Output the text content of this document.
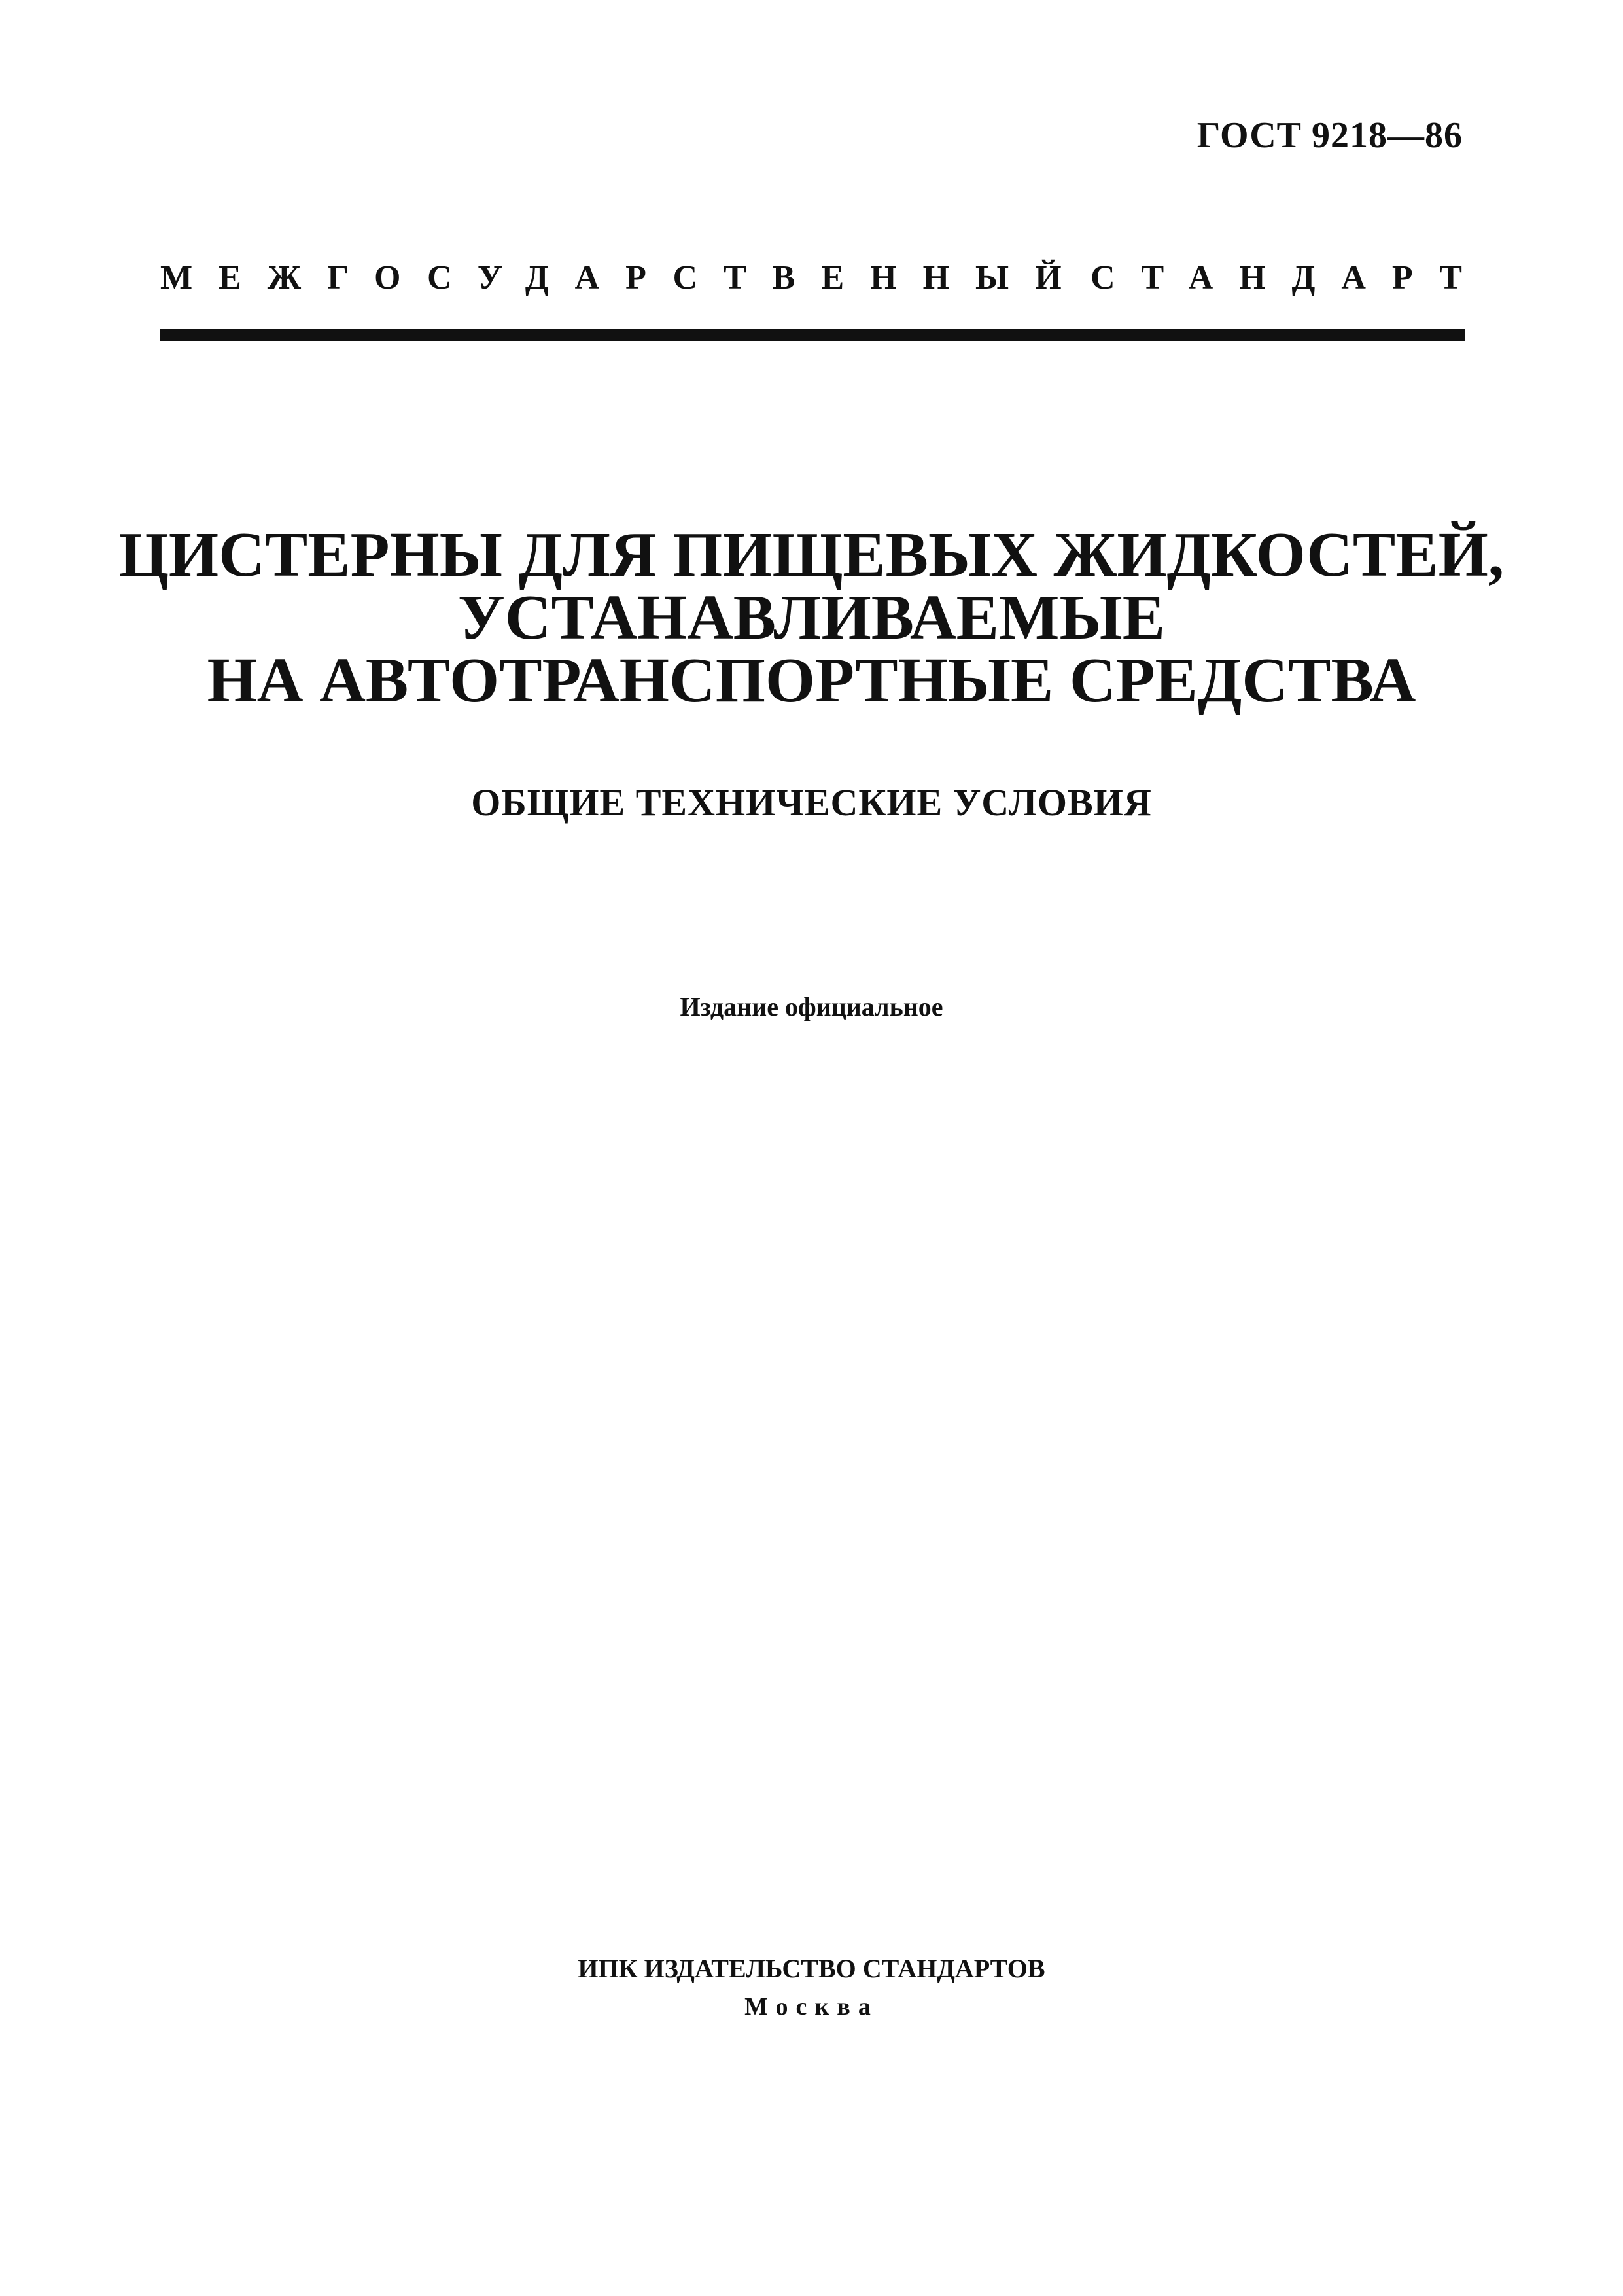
ГОСТ 9218—86
МЕЖГОСУДАРСТВЕННЫЙ СТАНДАРТ
ЦИСТЕРНЫ ДЛЯ ПИЩЕВЫХ ЖИДКОСТЕЙ,
УСТАНАВЛИВАЕМЫЕ
НА АВТОТРАНСПОРТНЫЕ СРЕДСТВА
ОБЩИЕ ТЕХНИЧЕСКИЕ УСЛОВИЯ
Издание официальное
ИПК ИЗДАТЕЛЬСТВО СТАНДАРТОВ
Москва
